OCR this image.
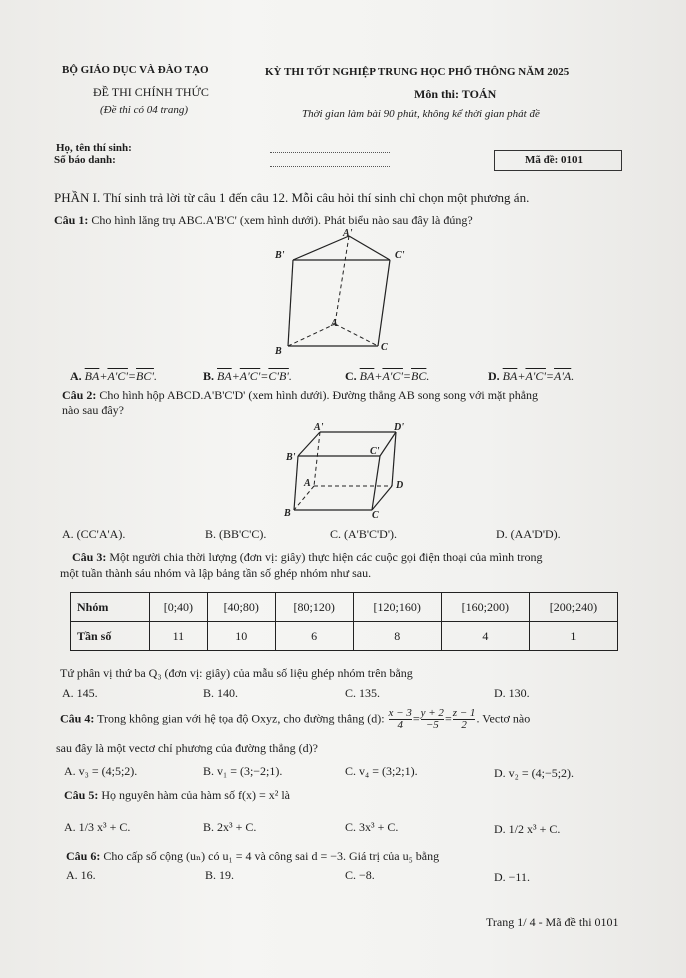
BỘ GIÁO DỤC VÀ ĐÀO TẠO	KỲ THI TỐT NGHIỆP TRUNG HỌC PHỔ THÔNG NĂM 2025
ĐỀ THI CHÍNH THỨC	Môn thi: TOÁN
(Đề thi có 04 trang)	Thời gian làm bài 90 phút, không kể thời gian phát đề
Họ, tên thí sinh:
Số báo danh:	Mã đề: 0101
PHẦN I. Thí sinh trả lời từ câu 1 đến câu 12. Mỗi câu hỏi thí sinh chỉ chọn một phương án.
Câu 1: Cho hình lăng trụ ABC.A'B'C' (xem hình dưới). Phát biểu nào sau đây là đúng?
A'
B'	C'
A
B	C
A. $\overline{BA}+A'C'=BC'$.	B. $\overline{BA}+A'C'=C'B'$.	C. $\overline{BA}+A'C'=\overline{BC}$.	D. $\overline{BA}+A'C'=A'A$.
Câu 2: Cho hình hộp ABCD.A'B'C'D' (xem hình dưới). Đường thẳng AB song song với mặt phẳng
nào sau đây?
A'	D'
B'
C'
A	D
B	C
A. (CC'A'A).	B. (BB'C'C).	C. (A'B'C'D').	D. (AA'D'D).
Câu 3: Một người chia thời lượng (đơn vị: giây) thực hiện các cuộc gọi điện thoại của mình trong
một tuần thành sáu nhóm và lập bảng tần số ghép nhóm như sau.
Nhóm	[0;40)	[40;80)	[80;120)	[120;160)	[160;200)	[200;240)
Tần số	11	10	6	8	4	1
Tứ phân vị thứ ba Q₃ (đơn vị: giây) của mẫu số liệu ghép nhóm trên bằng
A. 145.	B. 140.	C. 135.	D. 130.
Câu 4: Trong không gian với hệ tọa độ Oxyz, cho đường thẳng (d): $\frac{x - 3}{4} = \frac{y + 2}{-5} = \frac{z - 1}{2}$ . Vectơ nào
sau đây là một vectơ chỉ phương của đường thẳng (d)?
A. v₃ = (4;5;2).	B. v₁ = (3;−2;1).	C. v₄ = (3;2;1).	D. v₂ = (4;−5;2).
Câu 5: Họ nguyên hàm của hàm số f(x) = x² là
A. 1/3 x³ + C.	B. 2x³ + C.	C. 3x³ + C.	D. 1/2 x³ + C.
Câu 6: Cho cấp số cộng (uₙ) có u₁ = 4 và công sai d = −3. Giá trị của u₅ bằng
A. 16.	B. 19.	C. −8.	D. −11.
Trang 1/ 4 - Mã đề thi 0101
